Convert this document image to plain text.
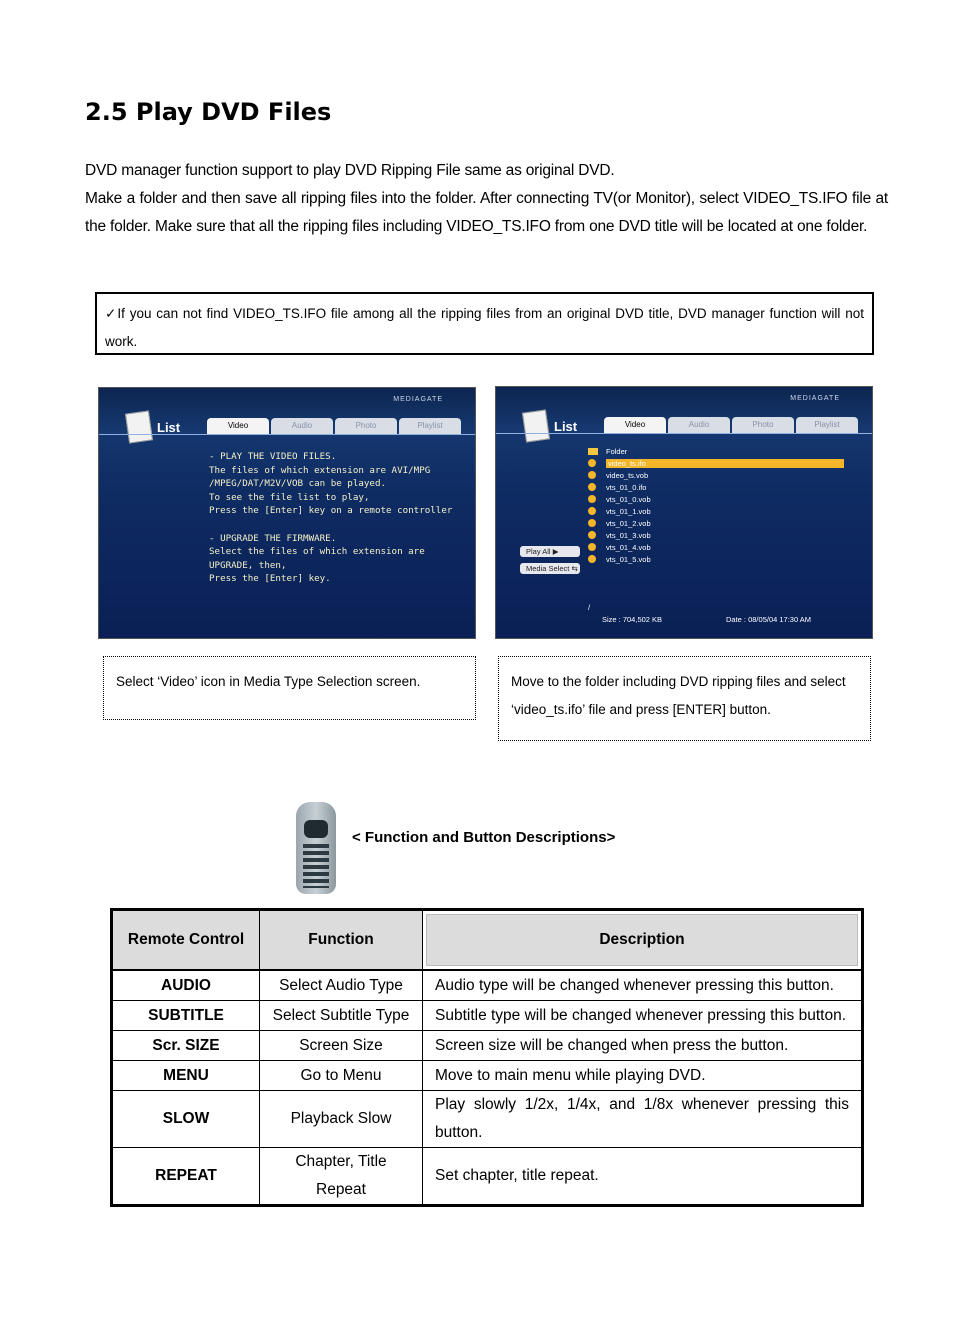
2.5 Play DVD Files
DVD manager function support to play DVD Ripping File same as original DVD.
Make a folder and then save all ripping files into the folder. After connecting TV(or Monitor), select VIDEO_TS.IFO file at the folder. Make sure that all the ripping files including VIDEO_TS.IFO from one DVD title will be located at one folder.
✓If you can not find VIDEO_TS.IFO file among all the ripping files from an original DVD title, DVD manager function will not work.
MEDIAGATE
List	Video	Audio	Photo	Playlist
- PLAY THE VIDEO FILES.
The files of which extension are AVI/MPG
/MPEG/DAT/M2V/VOB can be played.
To see the file list to play,
Press the [Enter] key on a remote controller

- UPGRADE THE FIRMWARE.
Select the files of which extension are
UPGRADE, then,
Press the [Enter] key.
MEDIAGATE
List	Video	Audio	Photo	Playlist
Folder
video_ts.ifo
video_ts.vob
vts_01_0.ifo
vts_01_0.vob
vts_01_1.vob
vts_01_2.vob
vts_01_3.vob
vts_01_4.vob
vts_01_5.vob
Play All ▶
Media Select ⇆
/
Size : 704,502 KB	Date : 08/05/04 17:30 AM
Select ‘Video’ icon in Media Type Selection screen.	Move to the folder including DVD ripping files and select ‘video_ts.ifo’ file and press [ENTER] button.
< Function and Button Descriptions>
Remote Control	Function	Description

AUDIO	Select Audio Type	Audio type will be changed whenever pressing this button.
SUBTITLE	Select Subtitle Type	Subtitle type will be changed whenever pressing this button.
Scr. SIZE	Screen Size	Screen size will be changed when press the button.
MENU	Go to Menu	Move to main menu while playing DVD.
SLOW	Playback Slow	Play slowly 1/2x, 1/4x, and 1/8x whenever pressing this button.
REPEAT	Chapter, Title Repeat	Set chapter, title repeat.
